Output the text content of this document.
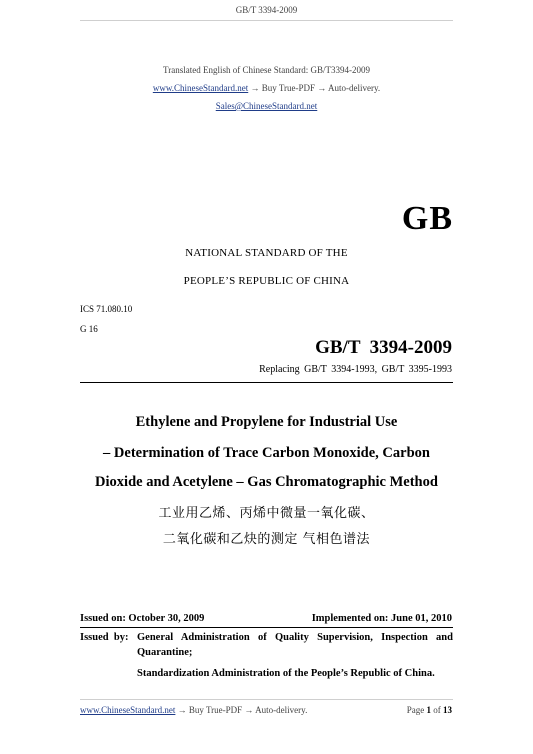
GB/T 3394-2009
Translated English of Chinese Standard: GB/T3394-2009
www.ChineseStandard.net → Buy True-PDF → Auto-delivery.
Sales@ChineseStandard.net
GB
NATIONAL STANDARD OF THE
PEOPLE’S REPUBLIC OF CHINA
ICS 71.080.10
G 16
GB/T  3394-2009
Replacing GB/T 3394-1993, GB/T 3395-1993
Ethylene and Propylene for Industrial Use
– Determination of Trace Carbon Monoxide, Carbon
Dioxide and Acetylene – Gas Chromatographic Method
工业用乙烯、丙烯中微量一氧化碳、
二氧化碳和乙炔的测定 气相色谱法
Issued on: October 30, 2009	Implemented on: June 01, 2010
Issued  by: General Administration of Quality Supervision, Inspection and
Quarantine;
Standardization Administration of the People’s Republic of China.
www.ChineseStandard.net → Buy True-PDF → Auto-delivery.	Page 1 of 13
